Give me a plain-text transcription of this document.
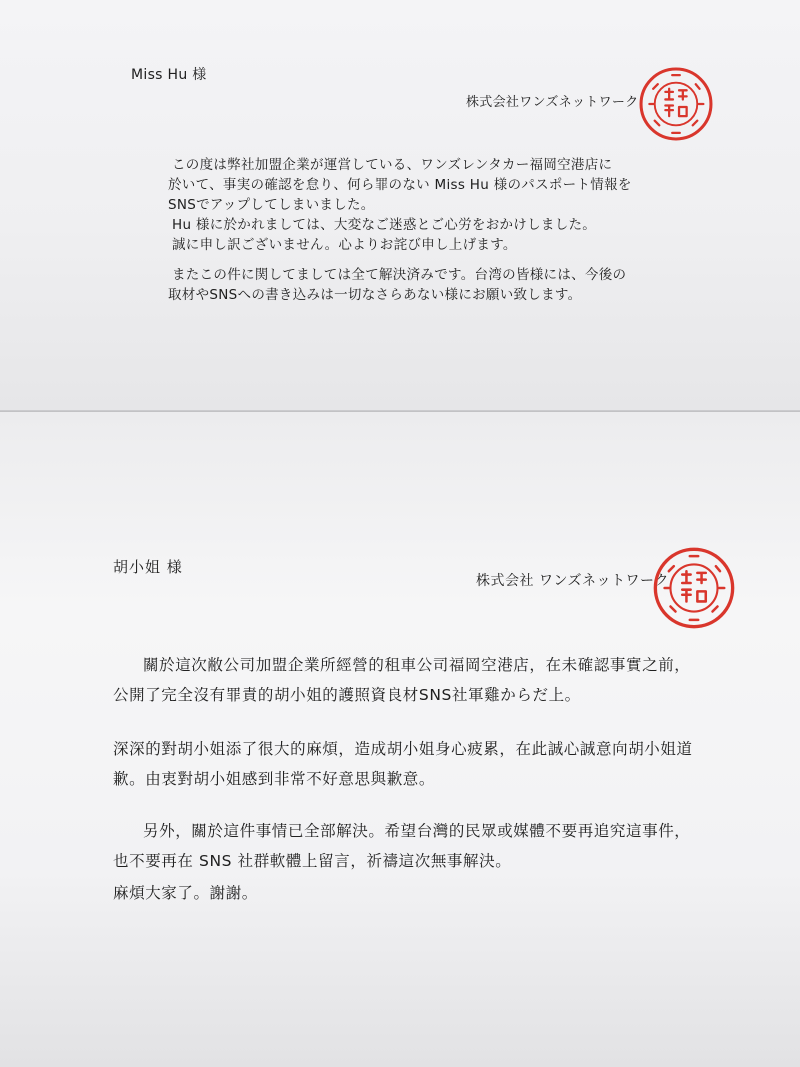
Miss Hu 様
株式会社ワンズネットワーク
この度は弊社加盟企業が運営している、ワンズレンタカー福岡空港店に
於いて、事実の確認を怠り、何ら罪のない Miss Hu 様のパスポート情報を
SNSでアップしてしまいました。
Hu 様に於かれましては、大変なご迷惑とご心労をおかけしました。
誠に申し訳ございません。心よりお詫び申し上げます。
またこの件に関してましては全て解決済みです。台湾の皆様には、今後の
取材やSNSへの書き込みは一切なさらあない様にお願い致します。
胡小姐 様
株式会社 ワンズネットワーク
關於這次敝公司加盟企業所經營的租車公司福岡空港店，在未確認事實之前，
公開了完全沒有罪責的胡小姐的護照資良材SNS社軍雞からだ上。
深深的對胡小姐添了很大的麻煩，造成胡小姐身心疲累，在此誠心誠意向胡小姐道
歉。由衷對胡小姐感到非常不好意思與歉意。
另外，關於這件事情已全部解決。希望台灣的民眾或媒體不要再追究這事件，
也不要再在 SNS 社群軟體上留言，祈禱這次無事解決。
麻煩大家了。謝謝。
